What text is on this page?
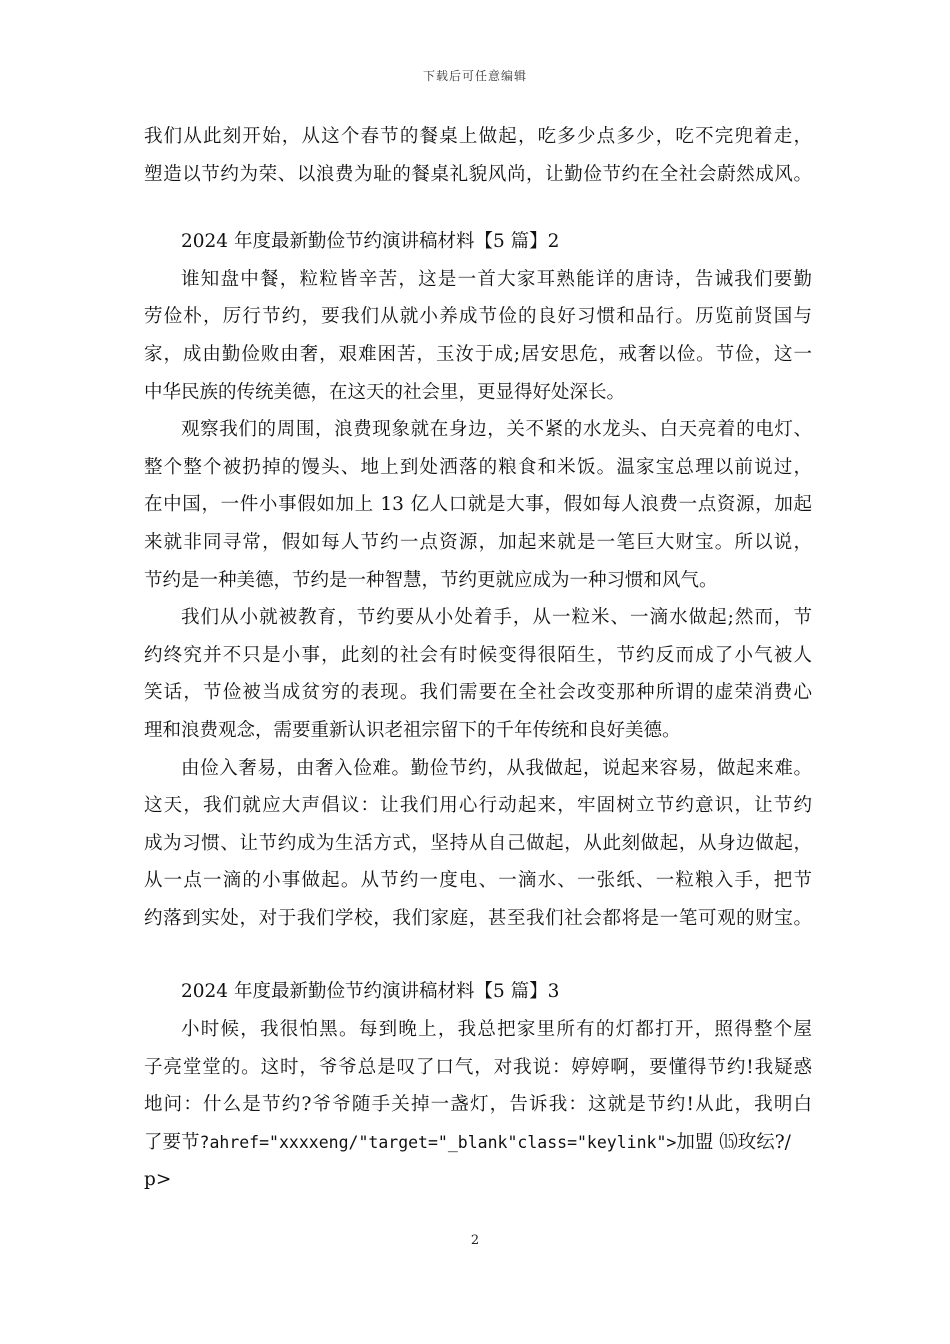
下载后可任意编辑
我们从此刻开始，从这个春节的餐桌上做起，吃多少点多少，吃不完兜着走，
塑造以节约为荣、以浪费为耻的餐桌礼貌风尚，让勤俭节约在全社会蔚然成风。
2024 年度最新勤俭节约演讲稿材料【5 篇】2
谁知盘中餐，粒粒皆辛苦，这是一首大家耳熟能详的唐诗，告诫我们要勤
劳俭朴，厉行节约，要我们从就小养成节俭的良好习惯和品行。历览前贤国与
家，成由勤俭败由奢，艰难困苦，玉汝于成;居安思危，戒奢以俭。节俭，这一
中华民族的传统美德，在这天的社会里，更显得好处深长。
观察我们的周围，浪费现象就在身边，关不紧的水龙头、白天亮着的电灯、
整个整个被扔掉的馒头、地上到处洒落的粮食和米饭。温家宝总理以前说过，
在中国，一件小事假如加上 13 亿人口就是大事，假如每人浪费一点资源，加起
来就非同寻常，假如每人节约一点资源，加起来就是一笔巨大财宝。所以说，
节约是一种美德，节约是一种智慧，节约更就应成为一种习惯和风气。
我们从小就被教育，节约要从小处着手，从一粒米、一滴水做起;然而，节
约终究并不只是小事，此刻的社会有时候变得很陌生，节约反而成了小气被人
笑话，节俭被当成贫穷的表现。我们需要在全社会改变那种所谓的虚荣消费心
理和浪费观念，需要重新认识老祖宗留下的千年传统和良好美德。
由俭入奢易，由奢入俭难。勤俭节约，从我做起，说起来容易，做起来难。
这天，我们就应大声倡议：让我们用心行动起来，牢固树立节约意识，让节约
成为习惯、让节约成为生活方式，坚持从自己做起，从此刻做起，从身边做起，
从一点一滴的小事做起。从节约一度电、一滴水、一张纸、一粒粮入手，把节
约落到实处，对于我们学校，我们家庭，甚至我们社会都将是一笔可观的财宝。
2024 年度最新勤俭节约演讲稿材料【5 篇】3
小时候，我很怕黑。每到晚上，我总把家里所有的灯都打开，照得整个屋
子亮堂堂的。这时，爷爷总是叹了口气，对我说：婷婷啊，要懂得节约!我疑惑
地问：什么是节约?爷爷随手关掉一盏灯，告诉我：这就是节约!从此，我明白
了要节?ahref="xxxxeng/"target="_blank"class="keylink">加盟 ⒂玫纭?/
p>
2
